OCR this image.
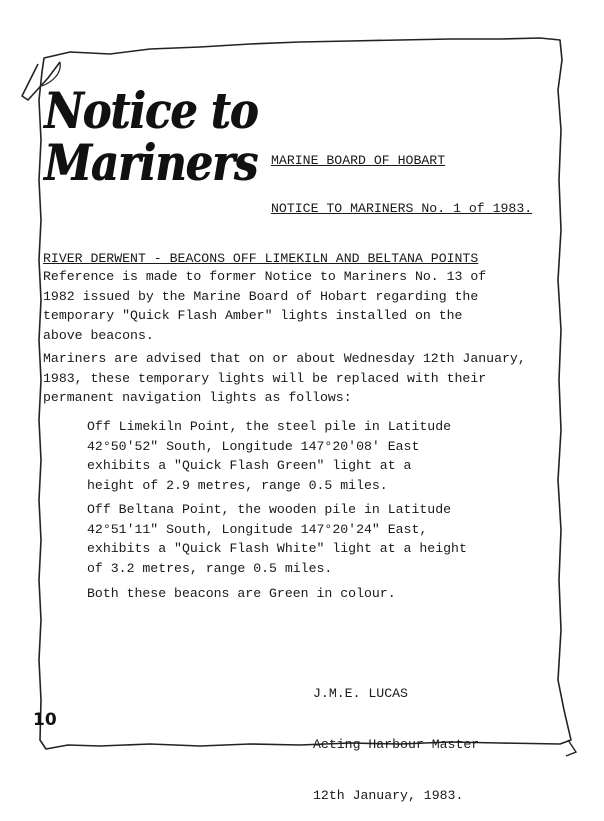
Notice to
Mariners

MARINE BOARD OF HOBART

NOTICE TO MARINERS No. 1 of 1983.

RIVER DERWENT - BEACONS OFF LIMEKILN AND BELTANA POINTS
Reference is made to former Notice to Mariners No. 13 of
1982 issued by the Marine Board of Hobart regarding the
temporary "Quick Flash Amber" lights installed on the
above beacons.
Mariners are advised that on or about Wednesday 12th January,
1983, these temporary lights will be replaced with their
permanent navigation lights as follows:
Off Limekiln Point, the steel pile in Latitude
42°50'52" South, Longitude 147°20'08' East
exhibits a "Quick Flash Green" light at a
height of 2.9 metres, range 0.5 miles.
Off Beltana Point, the wooden pile in Latitude
42°51'11" South, Longitude 147°20'24" East,
exhibits a "Quick Flash White" light at a height
of 3.2 metres, range 0.5 miles.
Both these beacons are Green in colour.

J.M.E. LUCAS

Acting Harbour Master

12th January, 1983.

10
